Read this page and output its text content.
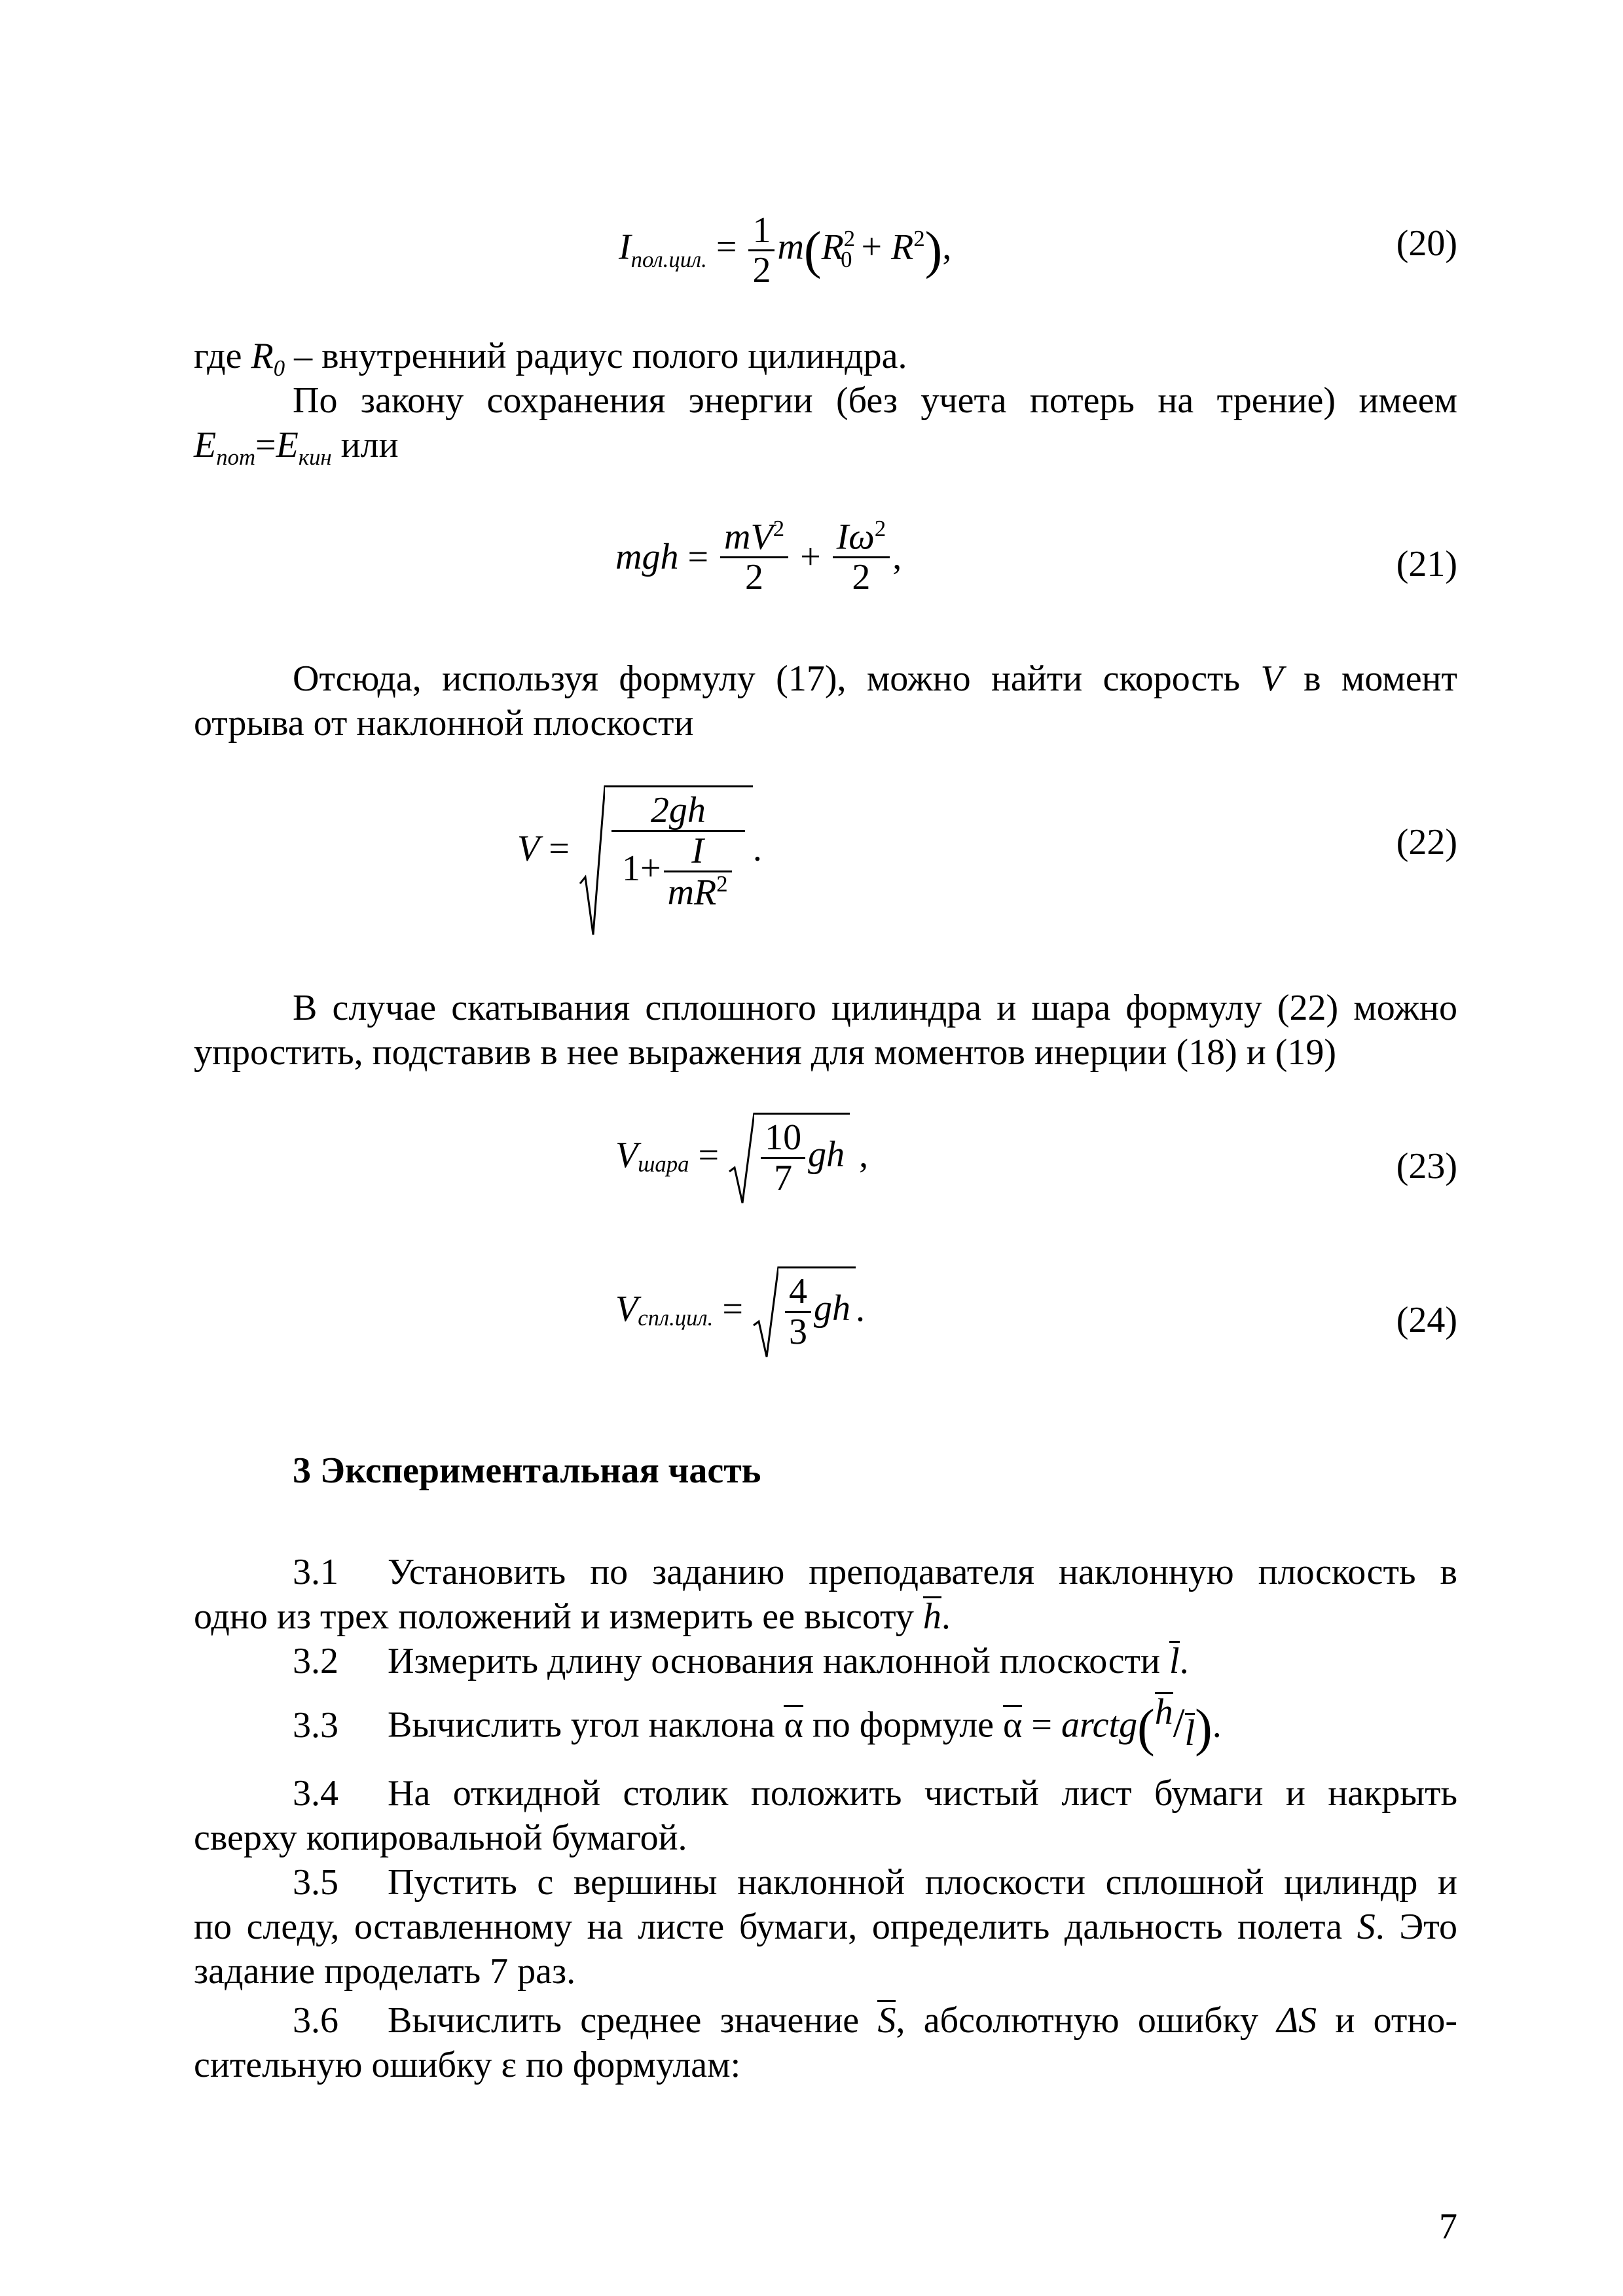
$I_{пол.цил.} = \frac{1}{2} m(R^2_0 + R^2)$,	(20)
где $R_0$ – внутренний радиус полого цилиндра.
По закону сохранения энергии (без учета потерь на трение) имеем
$E_{пот}=E_{кин}$ или
mgh = $\frac{mV^2}{2} + \frac{I\omega^2}{2}$ ,	(21)
Отсюда, используя формулу (17), можно найти скорость V в момент
отрыва от наклонной плоскости
$V = \frac{2gh}{1+ \frac{I}{mR^2}}$ .	(22)
В случае скатывания сплошного цилиндра и шара формулу (22) можно
упростить, подставив в нее выражения для моментов инерции (18) и (19)
$V_{шара} = \frac{10}{7}$ gh ,	(23)
$V_{спл.цил.} = \frac{4}{3}$ gh .	(24)
3 Экспериментальная часть
3.1 Установить по заданию преподавателя наклонную плоскость в
одно из трех положений и измерить ее высоту h.
3.2 Измерить длину основания наклонной плоскости l.
3.3 Вычислить угол наклона α по формуле α = arctg(h/l).
3.4 На откидной столик положить чистый лист бумаги и накрыть
сверху копировальной бумагой.
3.5 Пустить с вершины наклонной плоскости сплошной цилиндр и
по следу, оставленному на листе бумаги, определить дальность полета S. Это
задание проделать 7 раз.
3.6 Вычислить среднее значение S, абсолютную ошибку ΔS и отно-
сительную ошибку ε по формулам:
7
